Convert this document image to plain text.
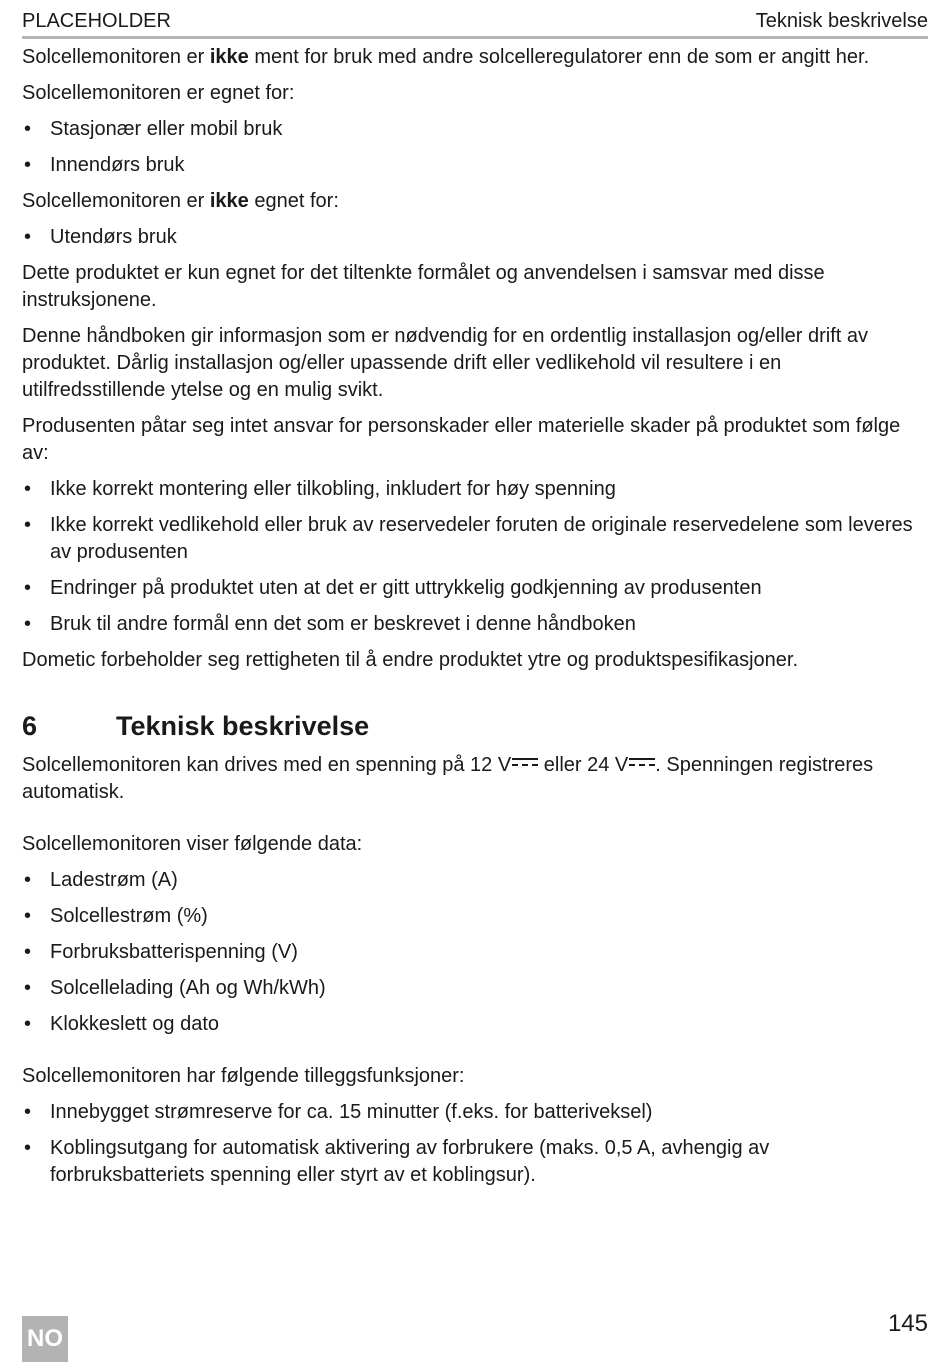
PLACEHOLDER	Teknisk beskrivelse

Solcellemonitoren er ikke ment for bruk med andre solcelleregulatorer enn de som er angitt her.

Solcellemonitoren er egnet for:

• Stasjonær eller mobil bruk
• Innendørs bruk

Solcellemonitoren er ikke egnet for:

• Utendørs bruk

Dette produktet er kun egnet for det tiltenkte formålet og anvendelsen i samsvar med disse instruksjonene.

Denne håndboken gir informasjon som er nødvendig for en ordentlig installasjon og/eller drift av produktet. Dårlig installasjon og/eller upassende drift eller vedlikehold vil resultere i en utilfredsstillende ytelse og en mulig svikt.

Produsenten påtar seg intet ansvar for personskader eller materielle skader på produktet som følge av:

• Ikke korrekt montering eller tilkobling, inkludert for høy spenning
• Ikke korrekt vedlikehold eller bruk av reservedeler foruten de originale reservedelene som leveres av produsenten
• Endringer på produktet uten at det er gitt uttrykkelig godkjenning av produsenten
• Bruk til andre formål enn det som er beskrevet i denne håndboken

Dometic forbeholder seg rettigheten til å endre produktet ytre og produktspesifikasjoner.

6	Teknisk beskrivelse

Solcellemonitoren kan drives med en spenning på 12 V eller 24 V . Spenningen registreres automatisk.

Solcellemonitoren viser følgende data:

• Ladestrøm (A)
• Solcellestrøm (%)
• Forbruksbatterispenning (V)
• Solcellelading (Ah og Wh/kWh)
• Klokkeslett og dato

Solcellemonitoren har følgende tilleggsfunksjoner:

• Innebygget strømreserve for ca. 15 minutter (f.eks. for batteriveksel)
• Koblingsutgang for automatisk aktivering av forbrukere (maks. 0,5 A, avhengig av forbruksbatteriets spenning eller styrt av et koblingsur).
145
NO
